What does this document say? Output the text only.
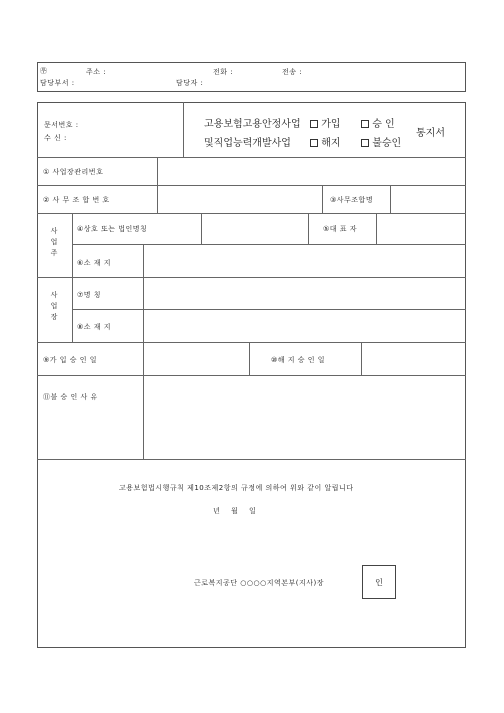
㉾	주소 :	전화 :	전송 :
담당부서 :	담당자 :
문서번호 :
수 신 :
고용보험고용안정사업
및직업능력개발사업
가입	승 인
해지	불승인
통지서
① 사업장관리번호
② 사 무 조 합 번 호	③사무조합명
사
업
주
④상호 또는 법인명칭	⑤대 표 자
⑥소 재 지
사
업
장
⑦명 칭
⑧소 재 지
⑨가 입 승 인 일	⑩해 지 승 인 일
⑪불 승 인 사 유
고용보험법시행규칙 제10조제2항의 규정에 의하여 위와 같이 알립니다
년 월 일
근로복지공단 ○○○○지역본부(지사)장	인
